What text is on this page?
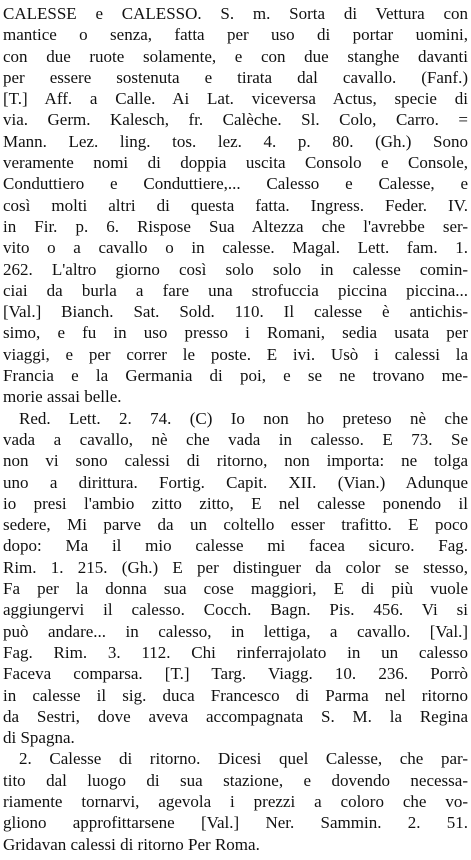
CALESSE e CALESSO. S. m. Sorta di Vettura con
mantice o senza, fatta per uso di portar uomini,
con due ruote solamente, e con due stanghe davanti
per essere sostenuta e tirata dal cavallo. (Fanf.)
[T.] Aff. a Calle. Ai Lat. viceversa Actus, specie di
via. Germ. Kalesch, fr. Calèche. Sl. Colo, Carro. =
Mann. Lez. ling. tos. lez. 4. p. 80. (Gh.) Sono
veramente nomi di doppia uscita Consolo e Console,
Conduttiero e Conduttiere,... Calesso e Calesse, e
così molti altri di questa fatta. Ingress. Feder. IV.
in Fir. p. 6. Rispose Sua Altezza che l'avrebbe ser-
vito o a cavallo o in calesse. Magal. Lett. fam. 1.
262. L'altro giorno così solo solo in calesse comin-
ciai da burla a fare una strofuccia piccina piccina...
[Val.] Bianch. Sat. Sold. 110. Il calesse è antichis-
simo, e fu in uso presso i Romani, sedia usata per
viaggi, e per correr le poste. E ivi. Usò i calessi la
Francia e la Germania di poi, e se ne trovano me-
morie assai belle.
Red. Lett. 2. 74. (C) Io non ho preteso nè che
vada a cavallo, nè che vada in calesso. E 73. Se
non vi sono calessi di ritorno, non importa: ne tolga
uno a dirittura. Fortig. Capit. XII. (Vian.) Adunque
io presi l'ambio zitto zitto, E nel calesse ponendo il
sedere, Mi parve da un coltello esser trafitto. E poco
dopo: Ma il mio calesse mi facea sicuro. Fag.
Rim. 1. 215. (Gh.) E per distinguer da color se stesso,
Fa per la donna sua cose maggiori, E di più vuole
aggiungervi il calesso. Cocch. Bagn. Pis. 456. Vi si
può andare... in calesso, in lettiga, a cavallo. [Val.]
Fag. Rim. 3. 112. Chi rinferrajolato in un calesso
Faceva comparsa. [T.] Targ. Viagg. 10. 236. Porrò
in calesse il sig. duca Francesco di Parma nel ritorno
da Sestri, dove aveva accompagnata S. M. la Regina
di Spagna.
2. Calesse di ritorno. Dicesi quel Calesse, che par-
tito dal luogo di sua stazione, e dovendo necessa-
riamente tornarvi, agevola i prezzi a coloro che vo-
gliono approfittarsene [Val.] Ner. Sammin. 2. 51.
Gridavan calessi di ritorno Per Roma.
